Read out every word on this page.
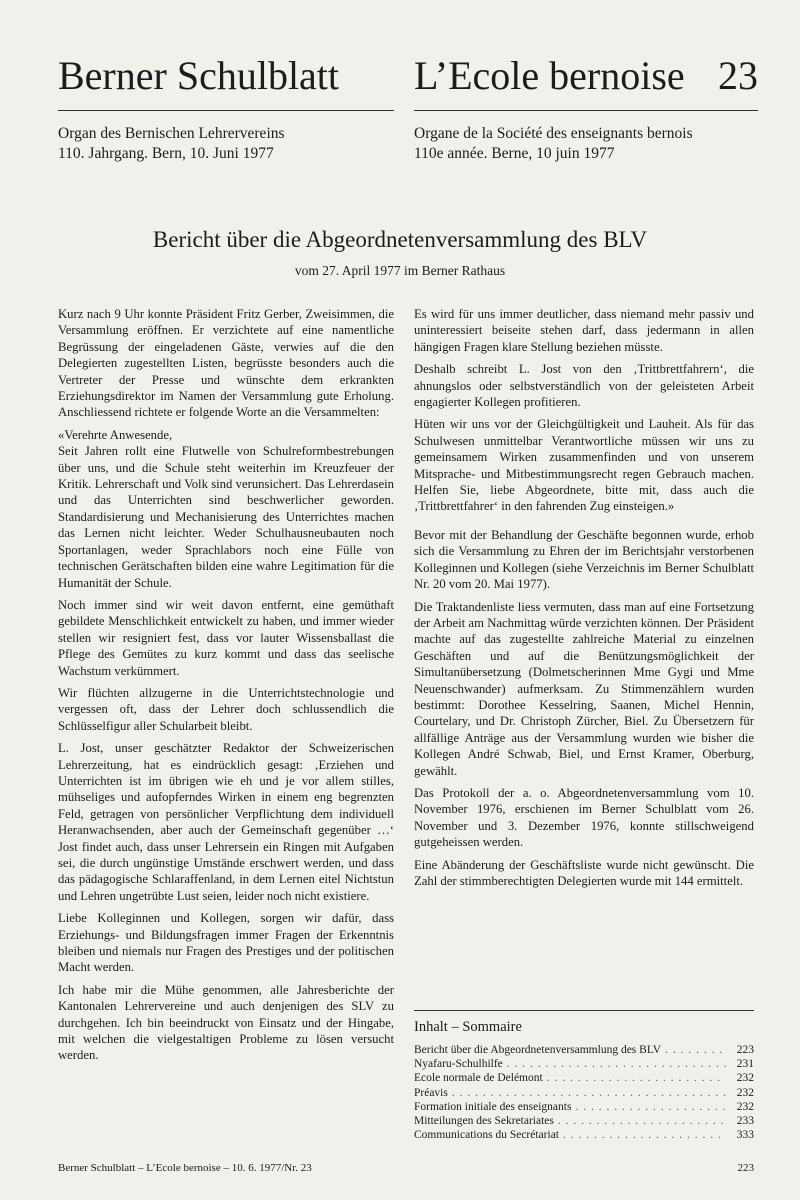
Berner Schulblatt L’Ecole bernoise 23
Organ des Bernischen Lehrervereins
110. Jahrgang. Bern, 10. Juni 1977
Organe de la Société des enseignants bernois
110e année. Berne, 10 juin 1977
Bericht über die Abgeordnetenversammlung des BLV
vom 27. April 1977 im Berner Rathaus

Kurz nach 9 Uhr konnte Präsident Fritz Gerber, Zweisimmen, die Versammlung eröffnen. Er verzichtete auf eine namentliche Begrüssung der eingeladenen Gäste, verwies auf die den Delegierten zugestellten Listen, begrüsste besonders auch die Vertreter der Presse und wünschte dem erkrankten Erziehungsdirektor im Namen der Versammlung gute Erholung. Anschliessend richtete er folgende Worte an die Versammelten:

«Verehrte Anwesende,

Seit Jahren rollt eine Flutwelle von Schulreformbestrebungen über uns, und die Schule steht weiterhin im Kreuzfeuer der Kritik. Lehrerschaft und Volk sind verunsichert. Das Lehrerdasein und das Unterrichten sind beschwerlicher geworden. Standardisierung und Mechanisierung des Unterrichtes machen das Lernen nicht leichter. Weder Schulhausneubauten noch Sportanlagen, weder Sprachlabors noch eine Fülle von technischen Gerätschaften bilden eine wahre Legitimation für die Humanität der Schule.

Noch immer sind wir weit davon entfernt, eine gemüthaft gebildete Menschlichkeit entwickelt zu haben, und immer wieder stellen wir resigniert fest, dass vor lauter Wissensballast die Pflege des Gemütes zu kurz kommt und dass das seelische Wachstum verkümmert.

Wir flüchten allzugerne in die Unterrichtstechnologie und vergessen oft, dass der Lehrer doch schlussendlich die Schlüsselfigur aller Schularbeit bleibt.

L. Jost, unser geschätzter Redaktor der Schweizerischen Lehrerzeitung, hat es eindrücklich gesagt: ‚Erziehen und Unterrichten ist im übrigen wie eh und je vor allem stilles, mühseliges und aufopferndes Wirken in einem eng begrenzten Feld, getragen von persönlicher Verpflichtung dem individuell Heranwachsenden, aber auch der Gemeinschaft gegenüber …‘ Jost findet auch, dass unser Lehrersein ein Ringen mit Aufgaben sei, die durch ungünstige Umstände erschwert werden, und dass das pädagogische Schlaraffenland, in dem Lernen eitel Nichtstun und Lehren ungetrübte Lust seien, leider noch nicht existiere.

Liebe Kolleginnen und Kollegen, sorgen wir dafür, dass Erziehungs- und Bildungsfragen immer Fragen der Erkenntnis bleiben und niemals nur Fragen des Prestiges und der politischen Macht werden.

Ich habe mir die Mühe genommen, alle Jahresberichte der Kantonalen Lehrervereine und auch denjenigen des SLV zu durchgehen. Ich bin beeindruckt von Einsatz und der Hingabe, mit welchen die vielgestaltigen Probleme zu lösen versucht werden.

Es wird für uns immer deutlicher, dass niemand mehr passiv und uninteressiert beiseite stehen darf, dass jedermann in allen hängigen Fragen klare Stellung beziehen müsste.

Deshalb schreibt L. Jost von den ‚Trittbrettfahrern‘, die ahnungslos oder selbstverständlich von der geleisteten Arbeit engagierter Kollegen profitieren.

Hüten wir uns vor der Gleichgültigkeit und Lauheit. Als für das Schulwesen unmittelbar Verantwortliche müssen wir uns zu gemeinsamem Wirken zusammenfinden und von unserem Mitsprache- und Mitbestimmungsrecht regen Gebrauch machen. Helfen Sie, liebe Abgeordnete, bitte mit, dass auch die ‚Trittbrettfahrer‘ in den fahrenden Zug einsteigen.»

Bevor mit der Behandlung der Geschäfte begonnen wurde, erhob sich die Versammlung zu Ehren der im Berichtsjahr verstorbenen Kolleginnen und Kollegen (siehe Verzeichnis im Berner Schulblatt Nr. 20 vom 20. Mai 1977).

Die Traktandenliste liess vermuten, dass man auf eine Fortsetzung der Arbeit am Nachmittag würde verzichten können. Der Präsident machte auf das zugestellte zahlreiche Material zu einzelnen Geschäften und auf die Benützungsmöglichkeit der Simultanübersetzung (Dolmetscherinnen Mme Gygi und Mme Neuenschwander) aufmerksam. Zu Stimmenzählern wurden bestimmt: Dorothee Kesselring, Saanen, Michel Hennin, Courtelary, und Dr. Christoph Zürcher, Biel. Zu Übersetzern für allfällige Anträge aus der Versammlung wurden wie bisher die Kollegen André Schwab, Biel, und Ernst Kramer, Oberburg, gewählt.

Das Protokoll der a. o. Abgeordnetenversammlung vom 10. November 1976, erschienen im Berner Schulblatt vom 26. November und 3. Dezember 1976, konnte stillschweigend gutgeheissen werden.

Eine Abänderung der Geschäftsliste wurde nicht gewünscht. Die Zahl der stimmberechtigten Delegierten wurde mit 144 ermittelt.

Inhalt – Sommaire
Bericht über die Abgeordnetenversammlung des BLV . . .	223
Nyafaru-Schulhilfe . . .	231
Ecole normale de Delémont . . .	232
Préavis . . .	232
Formation initiale des enseignants . . .	232
Mitteilungen des Sekretariates . . .	233
Communications du Secrétariat . . .	333
Berner Schulblatt – L’Ecole bernoise – 10. 6. 1977/Nr. 23	223
